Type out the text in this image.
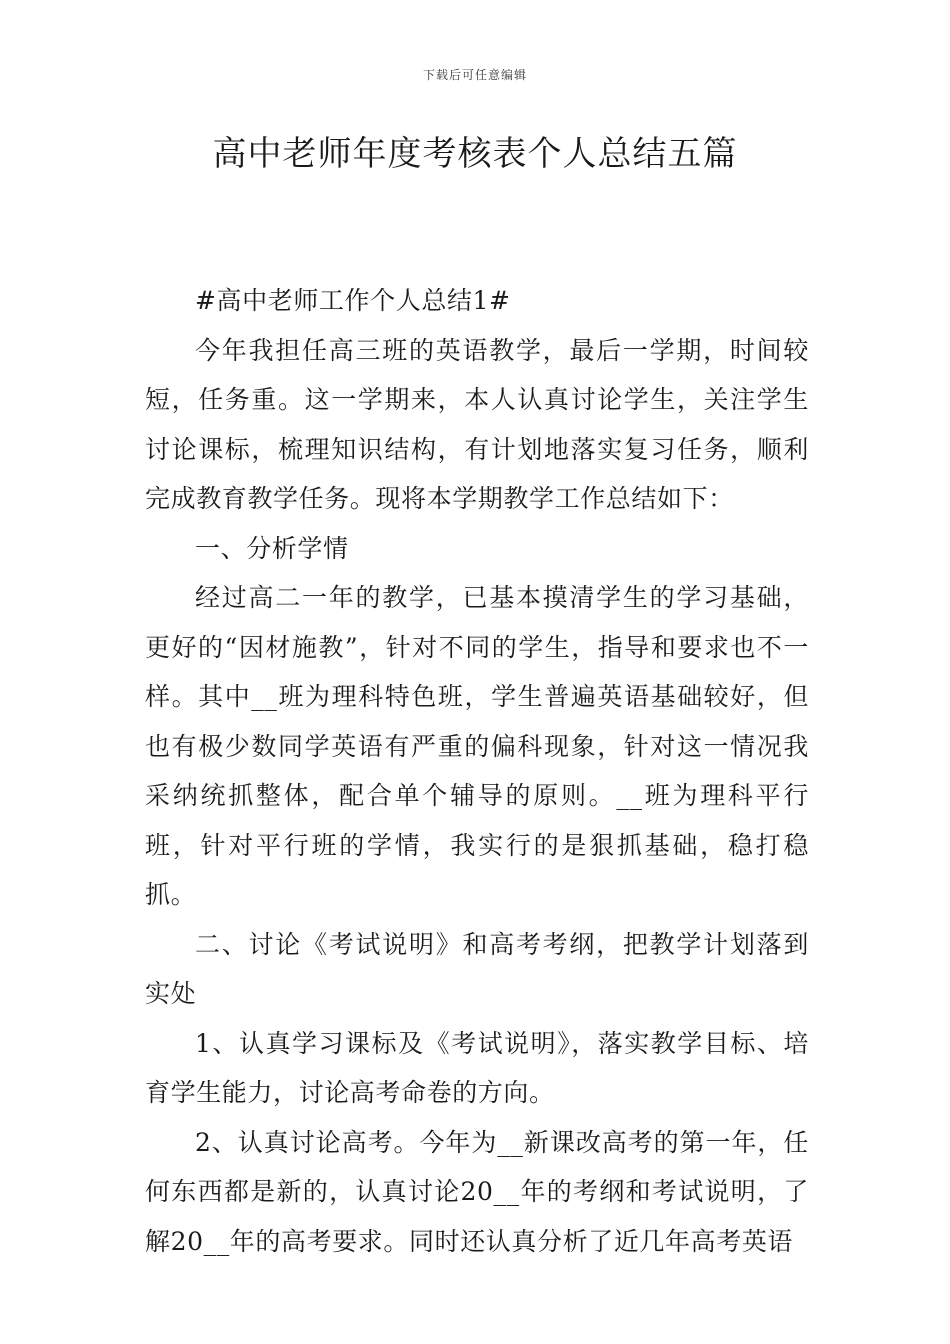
下载后可任意编辑
高中老师年度考核表个人总结五篇

#高中老师工作个人总结1#

今年我担任高三班的英语教学，最后一学期，时间较短，任务重。这一学期来，本人认真讨论学生，关注学生讨论课标，梳理知识结构，有计划地落实复习任务，顺利完成教育教学任务。现将本学期教学工作总结如下：

一、分析学情

经过高二一年的教学，已基本摸清学生的学习基础，更好的“因材施教”，针对不同的学生，指导和要求也不一样。其中__班为理科特色班，学生普遍英语基础较好，但也有极少数同学英语有严重的偏科现象，针对这一情况我采纳统抓整体，配合单个辅导的原则。__班为理科平行班，针对平行班的学情，我实行的是狠抓基础，稳打稳抓。

二、讨论《考试说明》和高考考纲，把教学计划落到实处

1、认真学习课标及《考试说明》，落实教学目标、培育学生能力，讨论高考命卷的方向。

2、认真讨论高考。今年为__新课改高考的第一年，任何东西都是新的，认真讨论20__年的考纲和考试说明，了解20__年的高考要求。同时还认真分析了近几年高考英语
